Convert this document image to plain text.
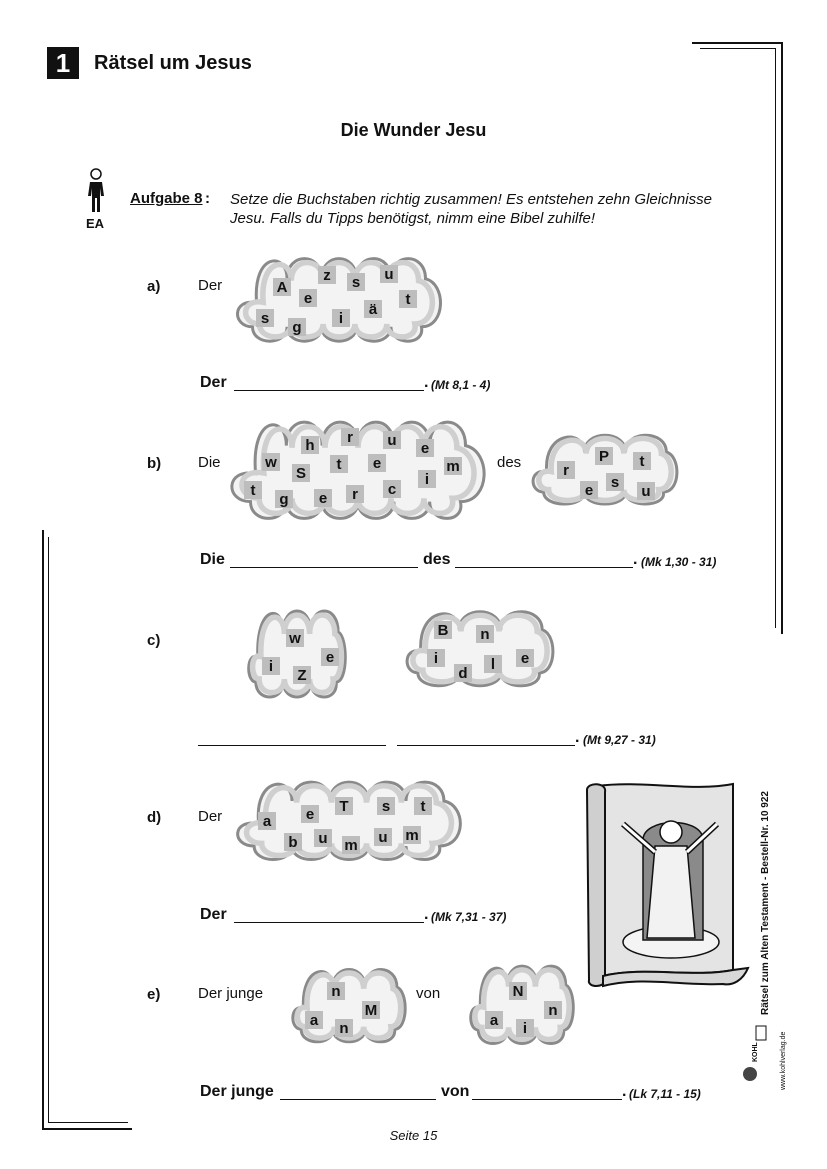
1	Rätsel um Jesus
Die Wunder Jesu
EA
Aufgabe 8 : Setze die Buchstaben richtig zusammen! Es entstehen zehn Gleichnisse Jesu. Falls du Tipps benötigst, nimm eine Bibel zuhilfe!
A
z	s	u
e	t
s
g
i
ä
h	r	u	e
w
S
t	e	m
t
g	e	r	c
i
r
P	t
e	s
u
w
i
e
Z
B n
i
d
l	e
e	T	s	t
a
b u m u m
n
M
a	n
N
a
n
i
a)	Der
Der	. (Mt 8,1 - 4)
b) Die	des
Die	des	. (Mk 1,30 - 31)
c)
. (Mt 9,27 - 31)
d) Der
Der	. (Mk 7,31 - 37)
e)	Der junge	von
Der junge	von	. (Lk 7,11 - 15)
Rätsel zum Alten Testament - Bestell-Nr. 10 922
KOHL	www.kohlverlag.de
Seite 15
